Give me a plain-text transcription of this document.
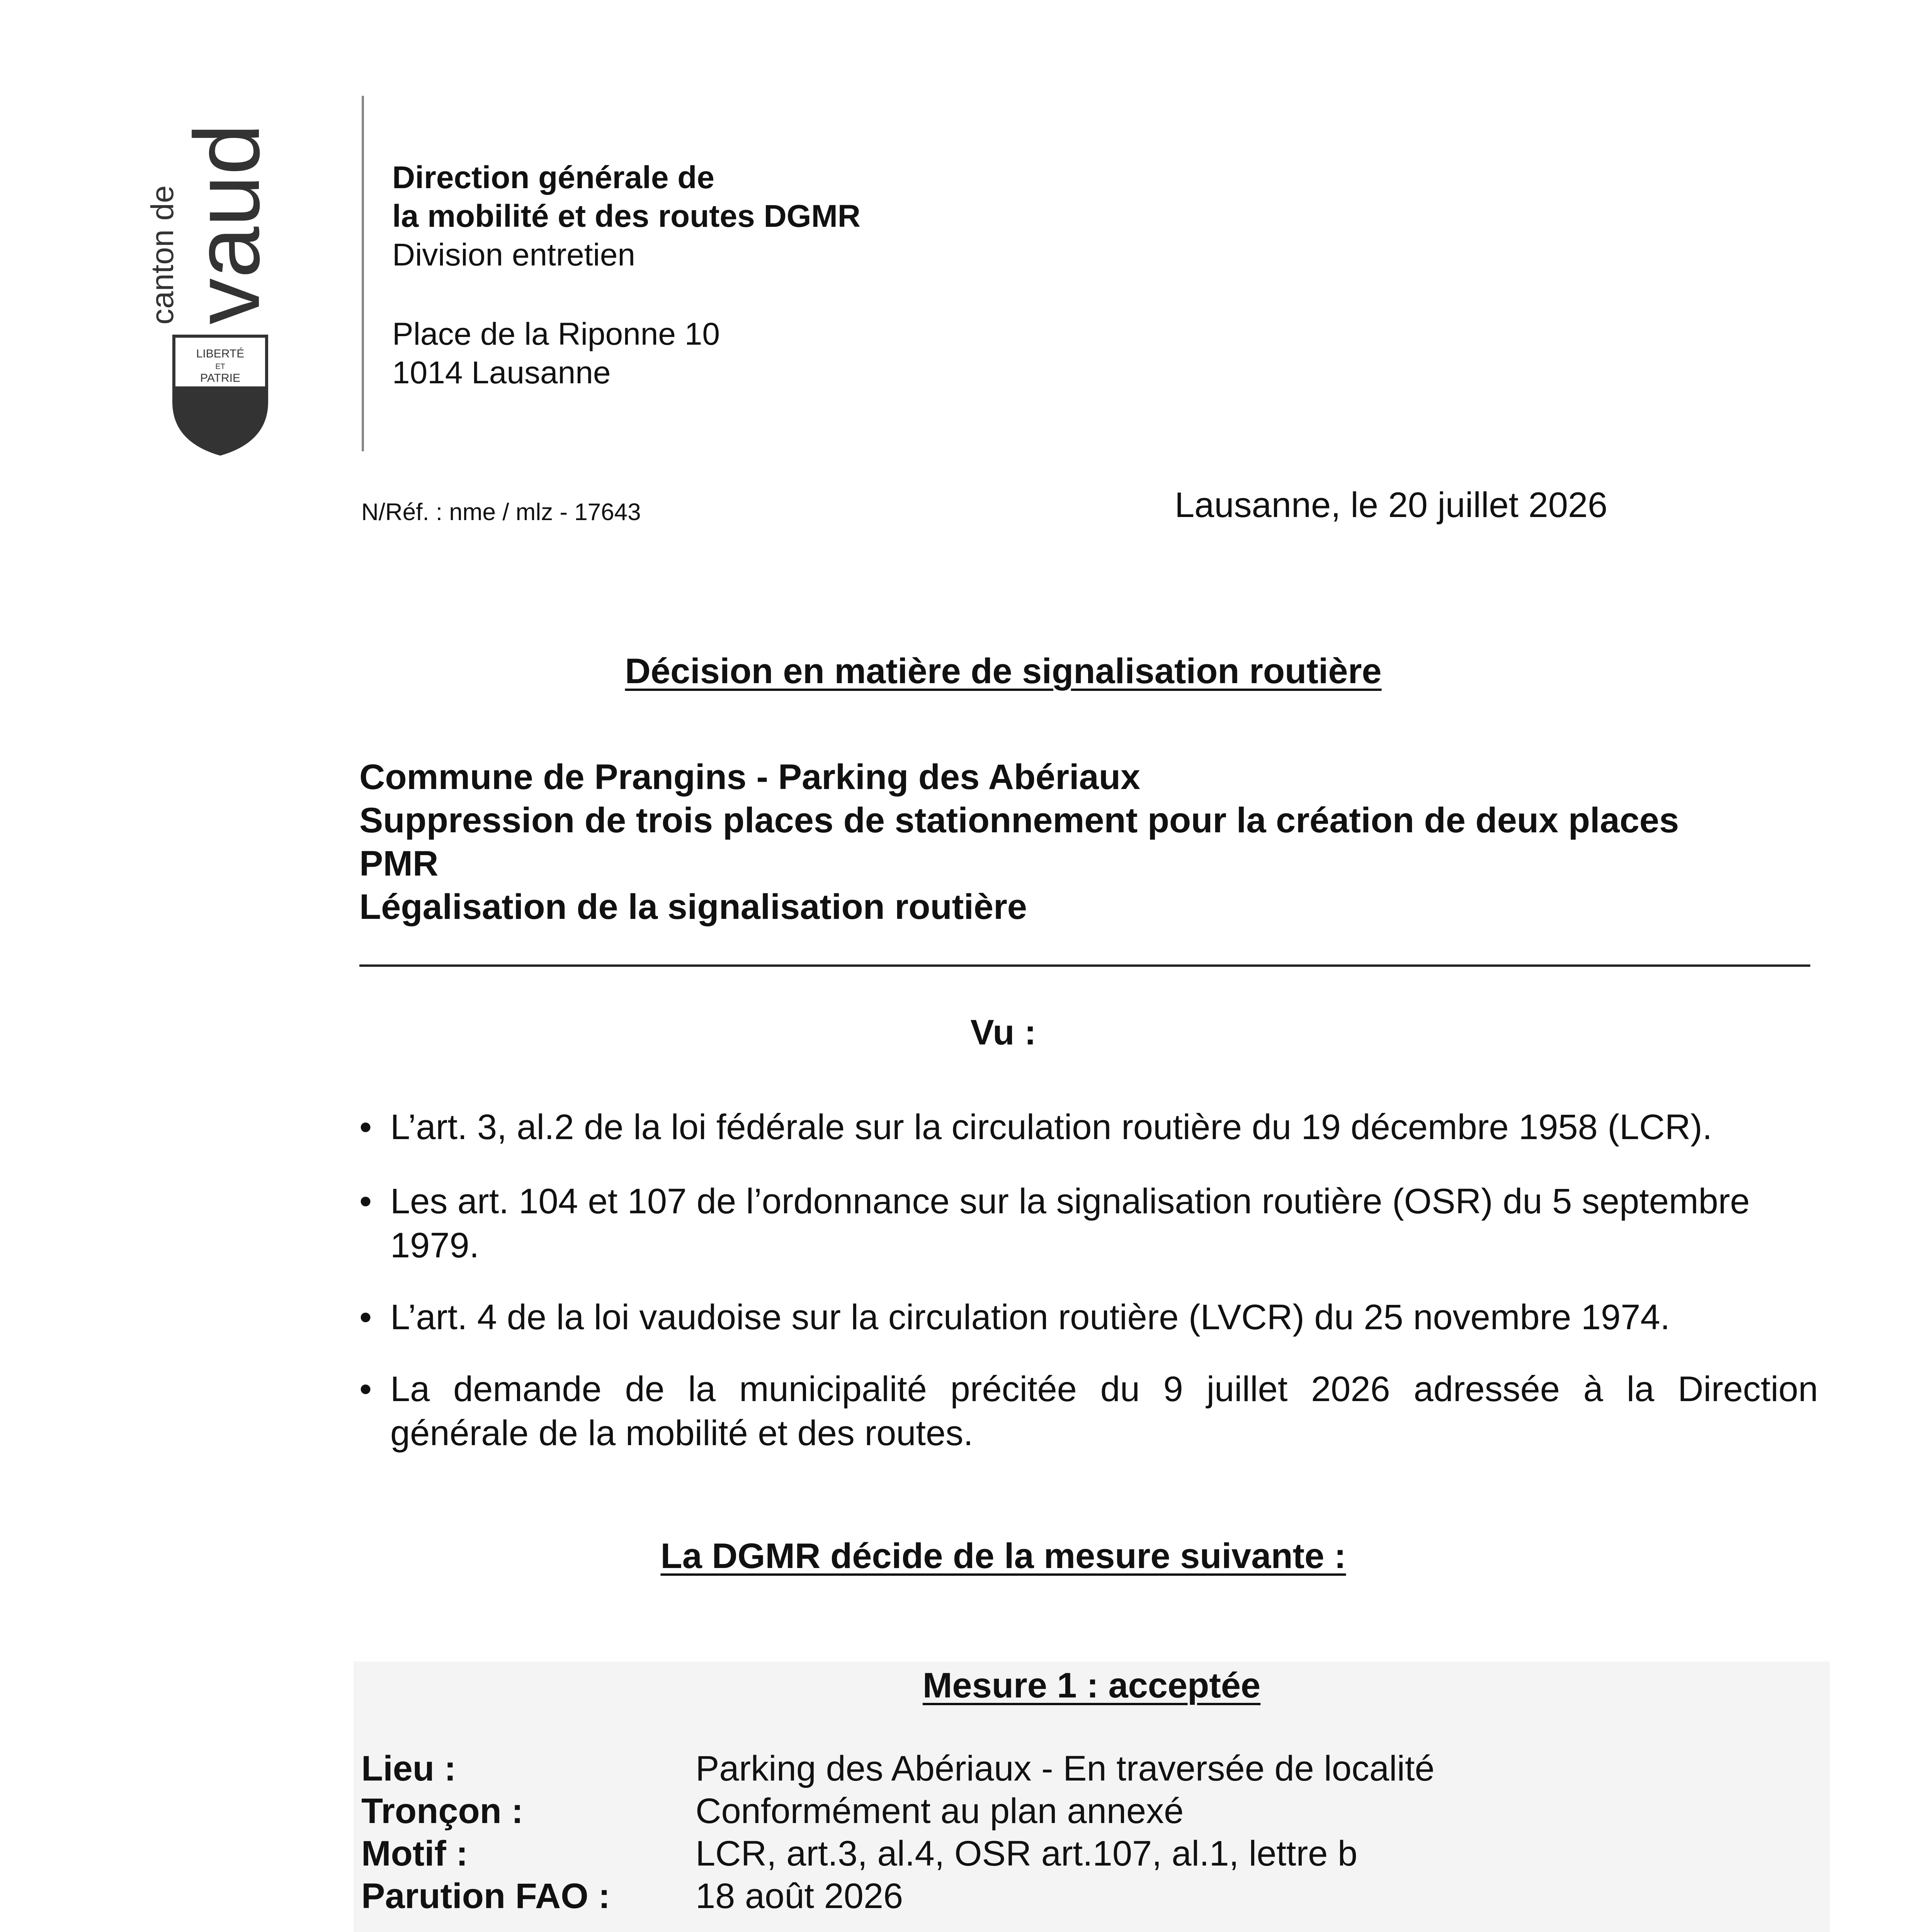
vaud
canton de
LIBERTÉ
ET
PATRIE
Direction générale de
la mobilité et des routes DGMR
Division entretien
Place de la Riponne 10
1014 Lausanne
N/Réf. : nme / mlz - 17643	Lausanne, le 20 juillet 2026
Décision en matière de signalisation routière
Commune de Prangins - Parking des Abériaux
Suppression de trois places de stationnement pour la création de deux places
PMR
Légalisation de la signalisation routière
Vu :
• L’art. 3, al.2 de la loi fédérale sur la circulation routière du 19 décembre 1958 (LCR).
• Les art. 104 et 107 de l’ordonnance sur la signalisation routière (OSR) du 5 septembre
1979.
• L’art. 4 de la loi vaudoise sur la circulation routière (LVCR) du 25 novembre 1974.
• La demande de la municipalité précitée du 9 juillet 2026 adressée à la Direction
générale de la mobilité et des routes.
La DGMR décide de la mesure suivante :
Mesure 1 : acceptée
Lieu :	Parking des Abériaux - En traversée de localité
Tronçon :	Conformément au plan annexé
Motif :	LCR, art.3, al.4, OSR art.107, al.1, lettre b
Parution FAO : 18 août 2026
